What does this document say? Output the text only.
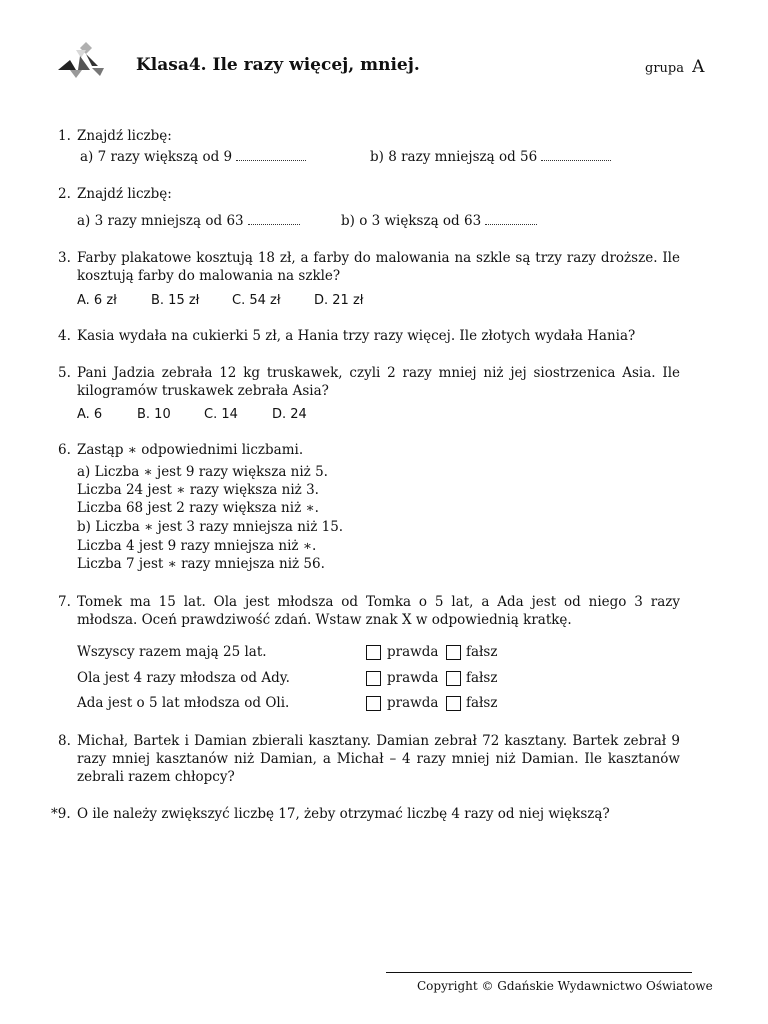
Klasa4. Ile razy więcej, mniej.	grupa A
1. Znajdź liczbę:
a) 7 razy większą od 9	b) 8 razy mniejszą od 56
2. Znajdź liczbę:
a) 3 razy mniejszą od 63	b) o 3 większą od 63
3. Farby plakatowe kosztują 18 zł, a farby do malowania na szkle są trzy razy droższe. Ile kosztują farby do malowania na szkle?
A. 6 zł	B. 15 zł	C. 54 zł	D. 21 zł
4. Kasia wydała na cukierki 5 zł, a Hania trzy razy więcej. Ile złotych wydała Hania?
5. Pani Jadzia zebrała 12 kg truskawek, czyli 2 razy mniej niż jej siostrzenica Asia. Ile kilogramów truskawek zebrała Asia?
A. 6	B. 10	C. 14	D. 24
6. Zastąp ∗ odpowiednimi liczbami.
a) Liczba ∗ jest 9 razy większa niż 5.
Liczba 24 jest ∗ razy większa niż 3.
Liczba 68 jest 2 razy większa niż ∗.
b) Liczba ∗ jest 3 razy mniejsza niż 15.
Liczba 4 jest 9 razy mniejsza niż ∗.
Liczba 7 jest ∗ razy mniejsza niż 56.
7. Tomek ma 15 lat. Ola jest młodsza od Tomka o 5 lat, a Ada jest od niego 3 razy młodsza. Oceń prawdziwość zdań. Wstaw znak X w odpowiednią kratkę.
Wszyscy razem mają 25 lat.	prawda fałsz
Ola jest 4 razy młodsza od Ady.	prawda fałsz
Ada jest o 5 lat młodsza od Oli.	prawda fałsz
8. Michał, Bartek i Damian zbierali kasztany. Damian zebrał 72 kasztany. Bartek zebrał 9 razy mniej kasztanów niż Damian, a Michał – 4 razy mniej niż Damian. Ile kasztanów zebrali razem chłopcy?
*9. O ile należy zwiększyć liczbę 17, żeby otrzymać liczbę 4 razy od niej większą?
Copyright © Gdańskie Wydawnictwo Oświatowe
